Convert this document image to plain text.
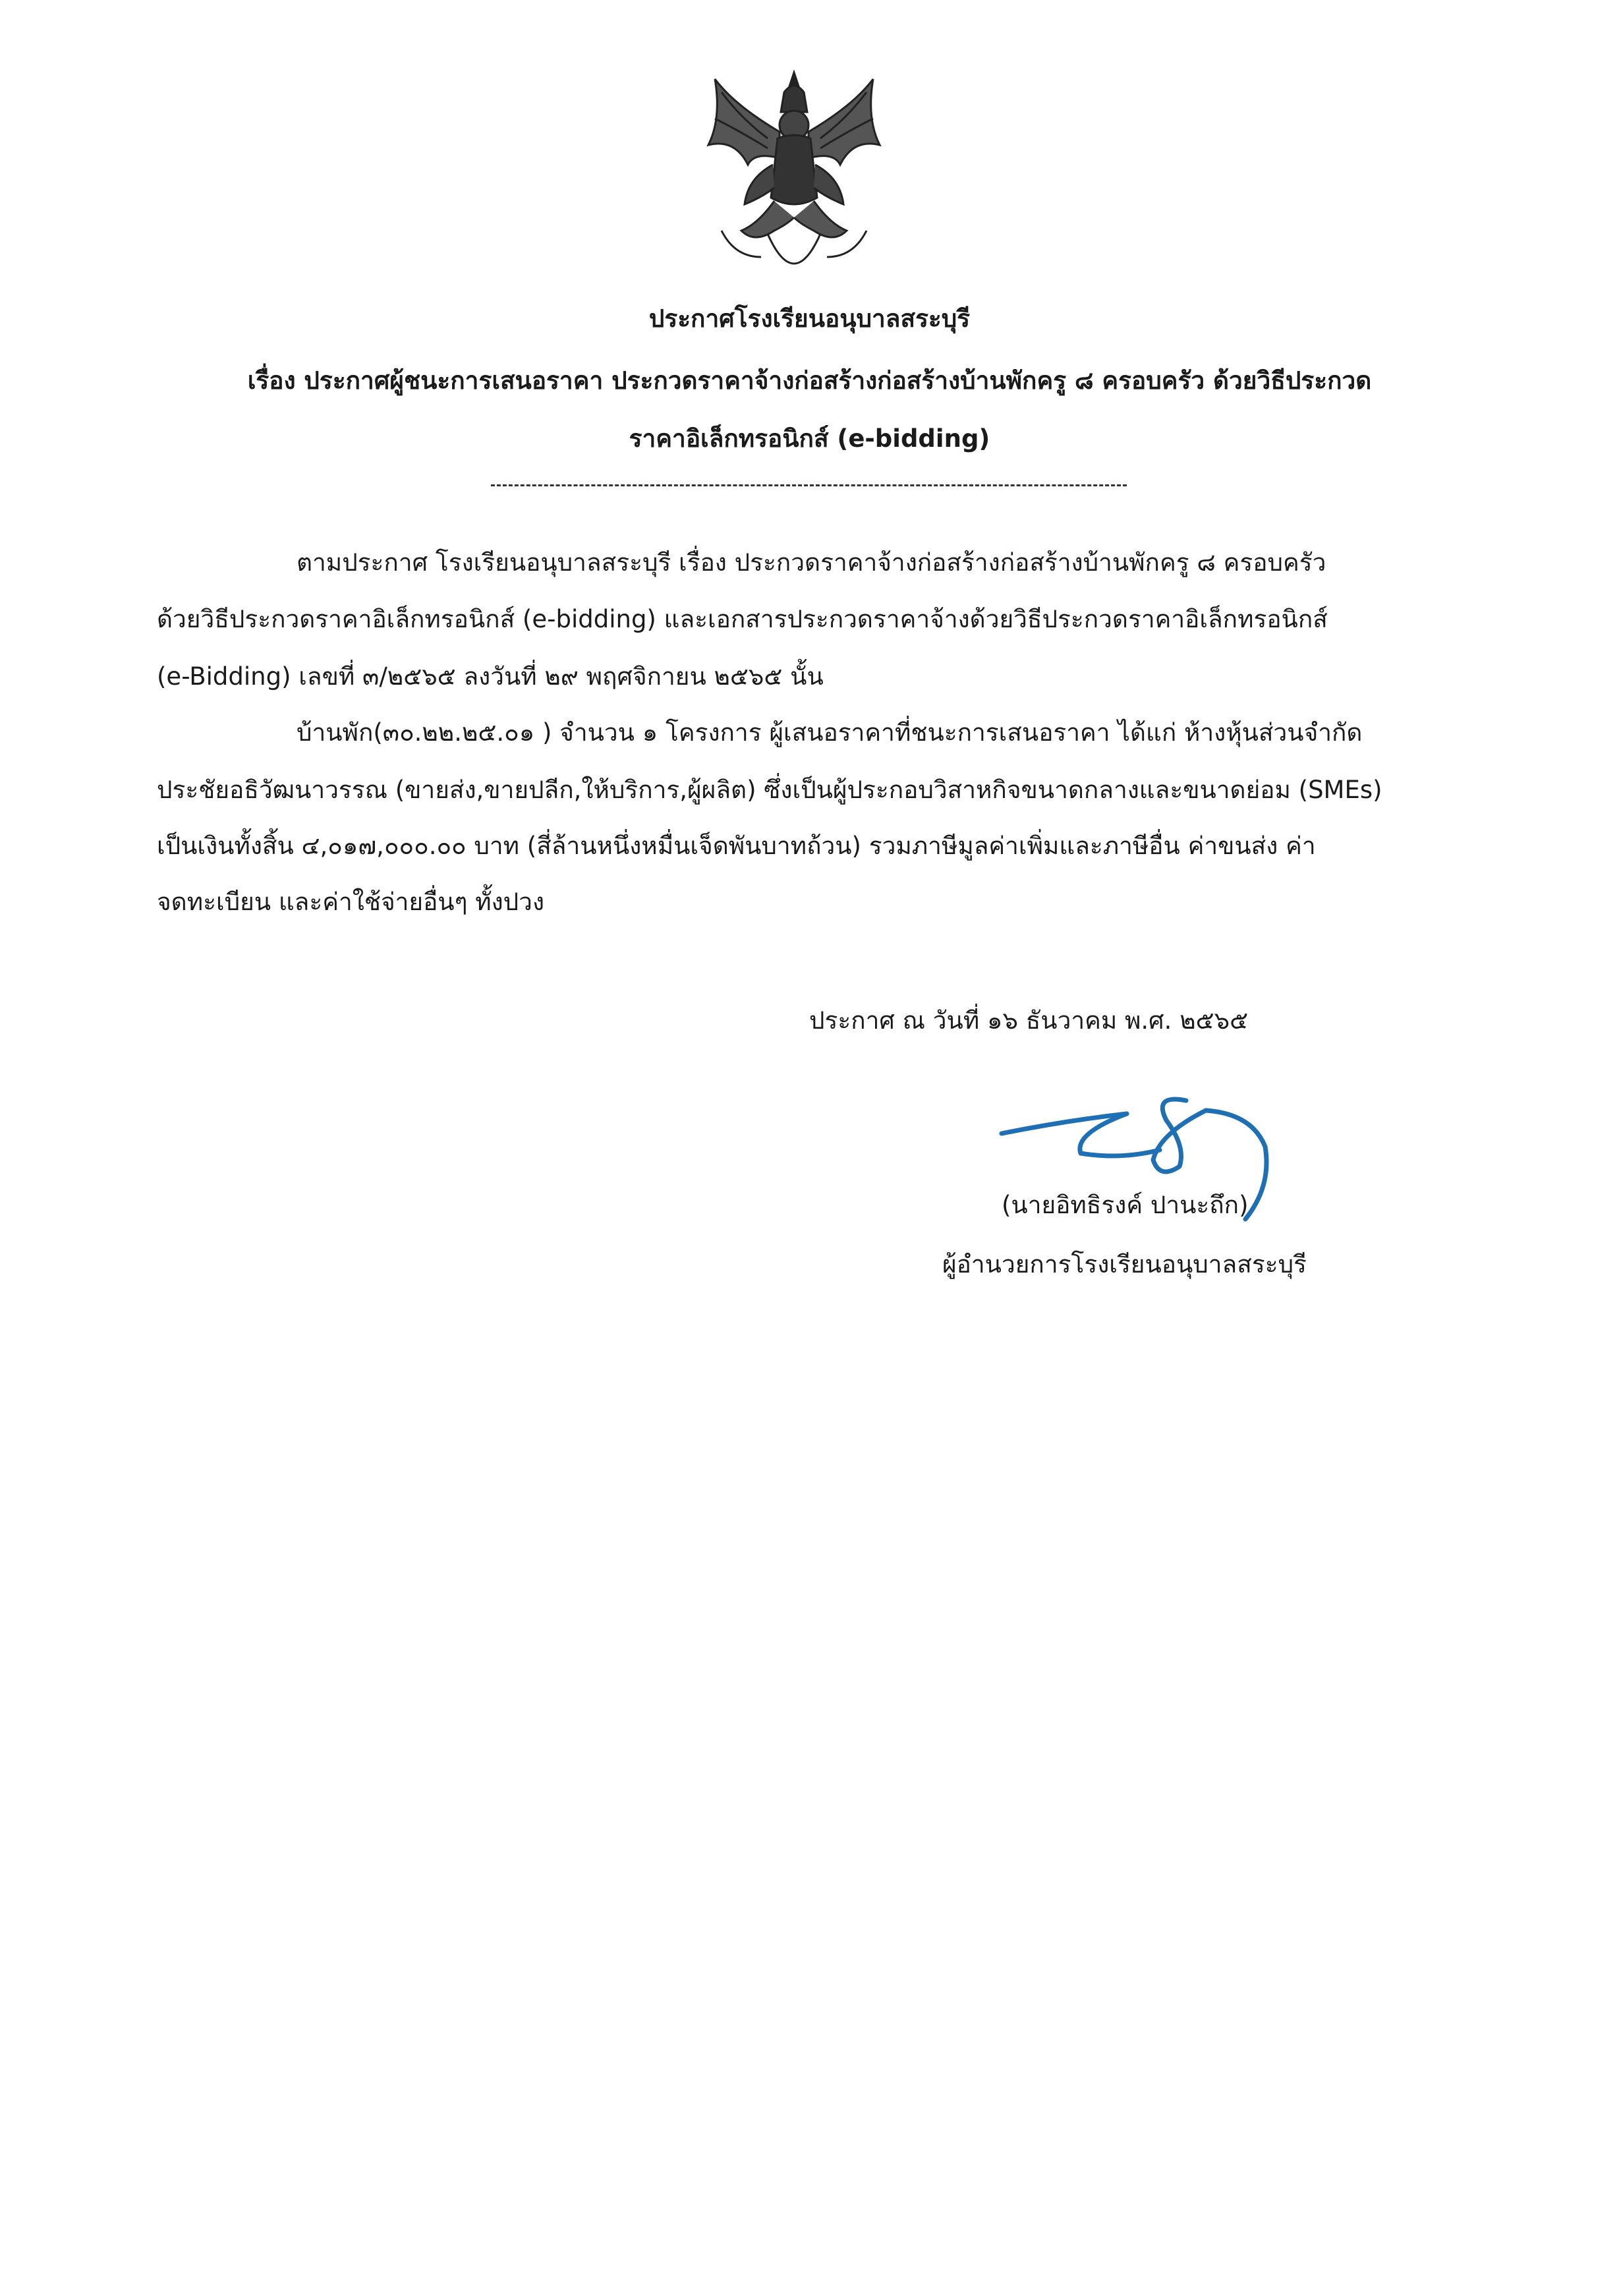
ประกาศโรงเรียนอนุบาลสระบุรี
เรื่อง ประกาศผู้ชนะการเสนอราคา ประกวดราคาจ้างก่อสร้างก่อสร้างบ้านพักครู ๘ ครอบครัว ด้วยวิธีประกวด
ราคาอิเล็กทรอนิกส์ (e-bidding)
ตามประกาศ โรงเรียนอนุบาลสระบุรี เรื่อง ประกวดราคาจ้างก่อสร้างก่อสร้างบ้านพักครู ๘ ครอบครัว
ด้วยวิธีประกวดราคาอิเล็กทรอนิกส์ (e-bidding) และเอกสารประกวดราคาจ้างด้วยวิธีประกวดราคาอิเล็กทรอนิกส์
(e-Bidding) เลขที่ ๓/๒๕๖๕ ลงวันที่ ๒๙ พฤศจิกายน ๒๕๖๕ นั้น
บ้านพัก(๓๐.๒๒.๒๕.๐๑ ) จำนวน ๑ โครงการ ผู้เสนอราคาที่ชนะการเสนอราคา ได้แก่ ห้างหุ้นส่วนจำกัด
ประชัยอธิวัฒนาวรรณ (ขายส่ง,ขายปลีก,ให้บริการ,ผู้ผลิต) ซึ่งเป็นผู้ประกอบวิสาหกิจขนาดกลางและขนาดย่อม (SMEs)
เป็นเงินทั้งสิ้น ๔,๐๑๗,๐๐๐.๐๐ บาท (สี่ล้านหนึ่งหมื่นเจ็ดพันบาทถ้วน) รวมภาษีมูลค่าเพิ่มและภาษีอื่น ค่าขนส่ง ค่า
จดทะเบียน และค่าใช้จ่ายอื่นๆ ทั้งปวง
ประกาศ ณ วันที่ ๑๖ ธันวาคม พ.ศ. ๒๕๖๕
(นายอิทธิรงค์ ปานะถึก)
ผู้อำนวยการโรงเรียนอนุบาลสระบุรี
